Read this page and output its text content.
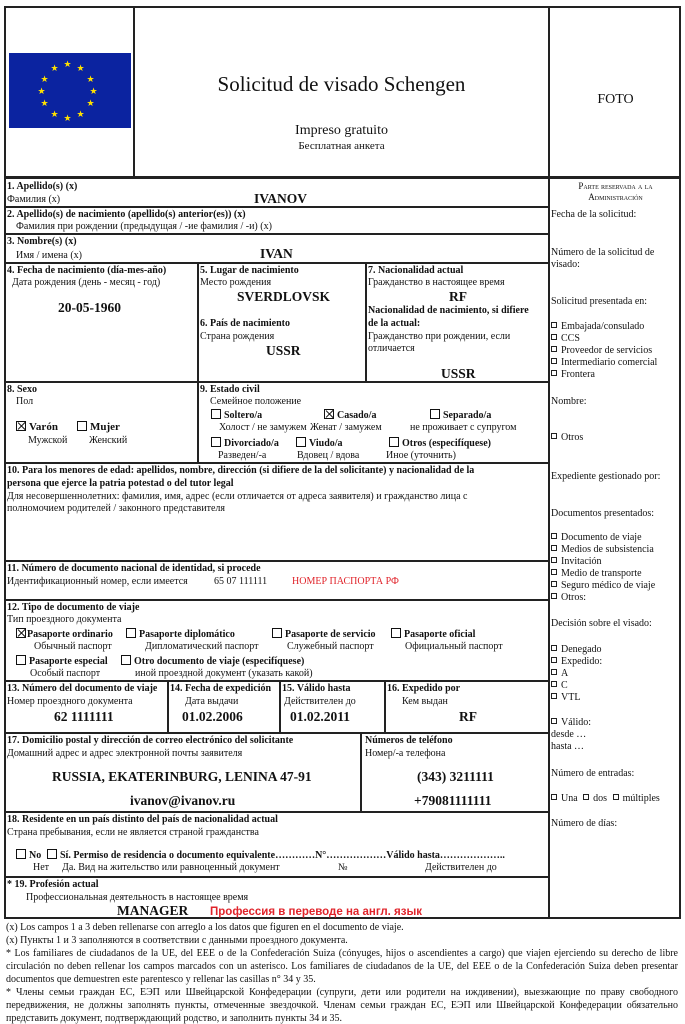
★ ★
★
★
★
★
★
★
★
★
★
★
Solicitud de visado Schengen
Impreso gratuito
Бесплатная анкета
FOTO
1. Apellido(s) (x)
Фамилия (x)	IVANOV
2. Apellido(s) de nacimiento (apellido(s) anterior(es)) (x)
Фамилия при рождении (предыдущая / -ие фамилия / -и) (x)
3. Nombre(s) (x)
Имя / имена (x)	IVAN
4. Fecha de nacimiento (día-mes-año)
Дата рождения (день - месяц - год)
20-05-1960
5. Lugar de nacimiento
Место рождения
SVERDLOVSK
6. País de nacimiento
Страна рождения
USSR
7. Nacionalidad actual
Гражданство в настоящее время
RF
Nacionalidad de nacimiento, si difiere
de la actual:
Гражданство при рождении, если
отличается
USSR
8. Sexo
Пол
Varón
Мужской
Mujer
Женский
9. Estado civil
Семейное положение
Soltero/a
Холост / не замужем
Casado/a
Женат / замужем
Separado/a
не проживает с супругом
Divorciado/a
Разведен/-а
Viudo/a
Вдовец / вдова
Otros (especifíquese)
Иное (уточнить)
10. Para los menores de edad: apellidos, nombre, dirección (si difiere de la del solicitante) y nacionalidad de la
persona que ejerce la patria potestad o del tutor legal
Для несовершеннолетних: фамилия, имя, адрес (если отличается от адреса заявителя) и гражданство лица с
полномочием родителей / законного представителя
11. Número de documento nacional de identidad, si procede
Идентификационный номер, если имеется	65 07 111111 НОМЕР ПАСПОРТА РФ
12. Tipo de documento de viaje
Тип проездного документа
Pasaporte ordinario
Обычный паспорт
Pasaporte diplomático
Дипломатический паспорт
Pasaporte de servicio
Служебный паспорт
Pasaporte oficial
Официальный паспорт
Pasaporte especial
Особый паспорт
Otro documento de viaje (especifíquese)
иной проездной документ (указать какой)
13. Número del documento de viaje
Номер проездного документа
62 1111111
14. Fecha de expedición
Дата выдачи
01.02.2006
15. Válido hasta
Действителен до
01.02.2011
16. Expedido por
Кем выдан
RF
17. Domicilio postal y dirección de correo electrónico del solicitante
Домашний адрес и адрес электронной почты заявителя
RUSSIA, EKATERINBURG, LENINA 47-91
ivanov@ivanov.ru
Números de teléfono
Номер/-а телефона
(343) 3211111
+79081111111
18. Residente en un país distinto del país de nacionalidad actual
Страна пребывания, если не является страной гражданства
No	Sí. Permiso de residencia o documento equivalente…………N°………………Válido hasta………………..
Нет Да. Вид на жительство или равноценный документ	№	Действителен до
* 19. Profesión actual
Профессиональная деятельность в настоящее время
MANAGER Профессия в переводе на англ. язык
Parte reservada a la
Administración
Fecha de la solicitud:
Número de la solicitud de
visado:
Solicitud presentada en:
Embajada/consulado
CCS
Proveedor de servicios
Intermediario comercial
Frontera
Nombre:
Otros
Expediente gestionado por:
Documentos presentados:
Documento de viaje
Medios de subsistencia
Invitación
Medio de transporte
Seguro médico de viaje
Otros:
Decisión sobre el visado:
Denegado
Expedido:
A
C
VTL
Válido:
desde …
hasta …
Número de entradas:
Una dos múltiples
Número de días:
(x) Los campos 1 a 3 deben rellenarse con arreglo a los datos que figuren en el documento de viaje.
(x) Пункты 1 и 3 заполняются в соответствии с данными проездного документа.
* Los familiares de ciudadanos de la UE, del EEE o de la Confederación Suiza (cónyuges, hijos o ascendientes a cargo) que viajen ejerciendo su derecho de libre circulación no deben rellenar los campos marcados con un asterisco. Los familiares de ciudadanos de la UE, del EEE o de la Confederación Suiza deben presentar documentos que demuestren este parentesco y rellenar las casillas n° 34 y 35.
* Члены семьи граждан ЕС, ЕЭП или Швейцарской Конфедерации (супруги, дети или родители на иждивении), выезжающие по праву свободного передвижения, не должны заполнять пункты, отмеченные звездочкой. Членам семьи граждан ЕС, ЕЭП или Швейцарской Конфедерации обязательно представить документ, подтверждающий родство, и заполнить пункты 34 и 35.
